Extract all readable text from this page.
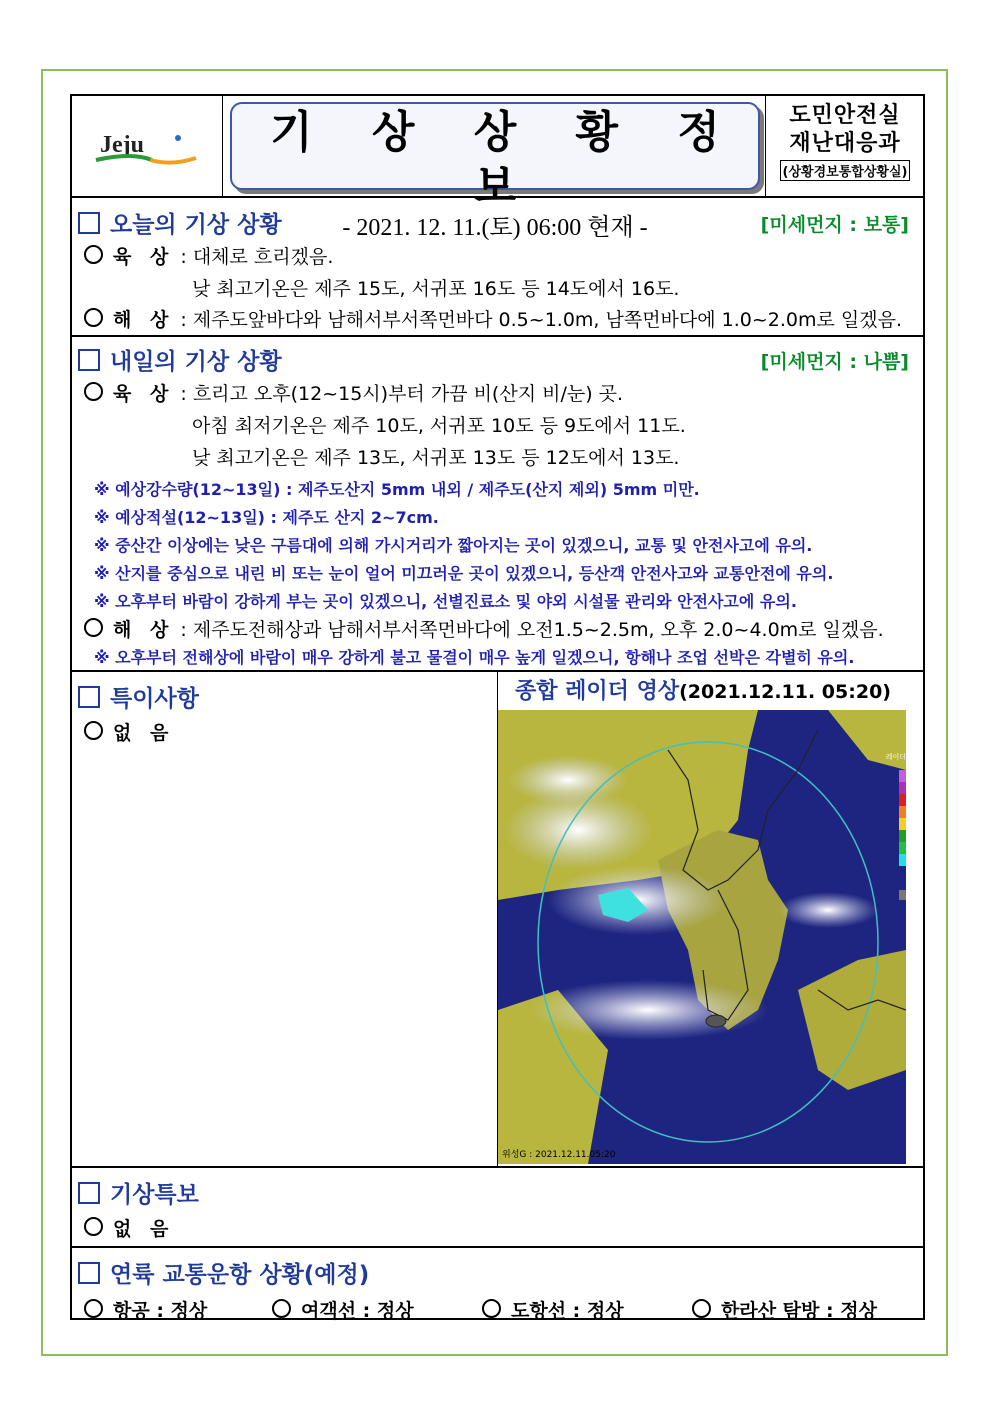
Jeju	기 상 상 황 정 보
- 2021. 12. 11.(토) 06:00 현재 -
도민안전실
재난대응과
(상황경보통합상황실)
오늘의 기상 상황	[미세먼지 : 보통]
육 상 : 대체로 흐리겠음.
낮 최고기온은 제주 15도, 서귀포 16도 등 14도에서 16도.
해 상 : 제주도앞바다와 남해서부서쪽먼바다 0.5~1.0m, 남쪽먼바다에 1.0~2.0m로 일겠음.
내일의 기상 상황	[미세먼지 : 나쁨]
육 상 : 흐리고 오후(12~15시)부터 가끔 비(산지 비/눈) 곳.
아침 최저기온은 제주 10도, 서귀포 10도 등 9도에서 11도.
낮 최고기온은 제주 13도, 서귀포 13도 등 12도에서 13도.
※ 예상강수량(12~13일) : 제주도산지 5mm 내외 / 제주도(산지 제외) 5mm 미만.
※ 예상적설(12~13일) : 제주도 산지 2~7cm.
※ 중산간 이상에는 낮은 구름대에 의해 가시거리가 짧아지는 곳이 있겠으니, 교통 및 안전사고에 유의.
※ 산지를 중심으로 내린 비 또는 눈이 얼어 미끄러운 곳이 있겠으니, 등산객 안전사고와 교통안전에 유의.
※ 오후부터 바람이 강하게 부는 곳이 있겠으니, 선별진료소 및 야외 시설물 관리와 안전사고에 유의.
해 상 : 제주도전해상과 남해서부서쪽먼바다에 오전1.5~2.5m, 오후 2.0~4.0m로 일겠음.
※ 오후부터 전해상에 바람이 매우 강하게 불고 물결이 매우 높게 일겠으니, 항해나 조업 선박은 각별히 유의.
특이사항
없 음
종합 레이더 영상(2021.12.11. 05:20)
위성G : 2021.12.11.05:20
레이더
기상특보
없 음
연륙 교통운항 상황(예정)
항공 : 정상	여객선 : 정상	도항선 : 정상	한라산 탐방 : 정상
